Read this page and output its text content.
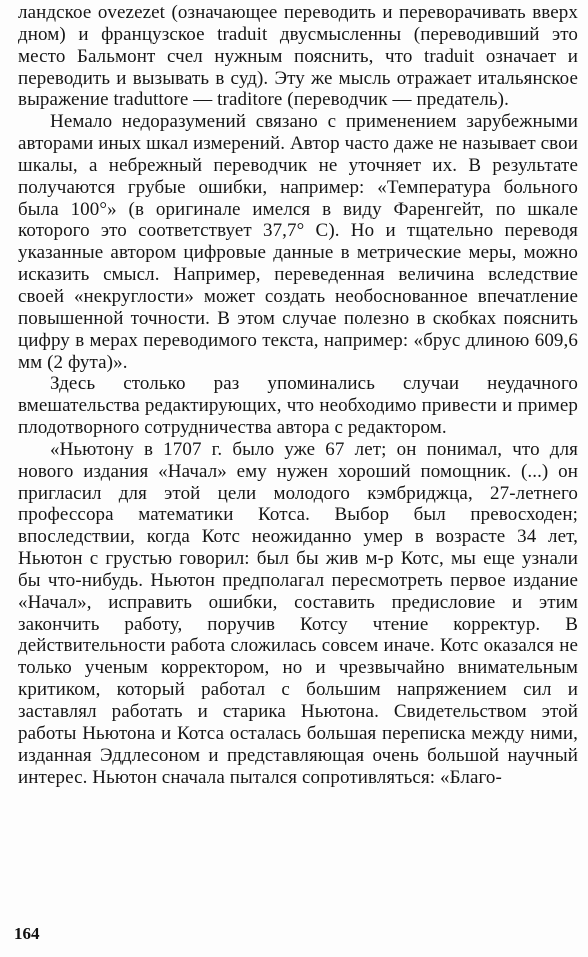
ландское ovezezet (означающее переводить и переворачивать вверх дном) и французское traduit двусмысленны (переводивший это место Бальмонт счел нужным пояснить, что traduit означает и переводить и вызывать в суд). Эту же мысль отражает итальянское выражение traduttore — traditore (переводчик — предатель).

Немало недоразумений связано с применением зарубежными авторами иных шкал измерений. Автор часто даже не называет свои шкалы, а небрежный переводчик не уточняет их. В результате получаются грубые ошибки, например: «Температура больного была 100°» (в оригинале имелся в виду Фаренгейт, по шкале которого это соответствует 37,7° С). Но и тщательно переводя указанные автором цифровые данные в метрические меры, можно исказить смысл. Например, переведенная величина вследствие своей «некруглости» может создать необоснованное впечатление повышенной точности. В этом случае полезно в скобках пояснить цифру в мерах переводимого текста, например: «брус длиною 609,6 мм (2 фута)».

Здесь столько раз упоминались случаи неудачного вмешательства редактирующих, что необходимо привести и пример плодотворного сотрудничества автора с редактором.

«Ньютону в 1707 г. было уже 67 лет; он понимал, что для нового издания «Начал» ему нужен хороший помощник. (...) он пригласил для этой цели молодого кэмбриджца, 27-летнего профессора математики Котса. Выбор был превосходен; впоследствии, когда Котс неожиданно умер в возрасте 34 лет, Ньютон с грустью говорил: был бы жив м-р Котс, мы еще узнали бы что-нибудь. Ньютон предполагал пересмотреть первое издание «Начал», исправить ошибки, составить предисловие и этим закончить работу, поручив Котсу чтение корректур. В действительности работа сложилась совсем иначе. Котс оказался не только ученым корректором, но и чрезвычайно внимательным критиком, который работал с большим напряжением сил и заставлял работать и старика Ньютона. Свидетельством этой работы Ньютона и Котса осталась большая переписка между ними, изданная Эддлесоном и представляющая очень большой научный интерес. Ньютон сначала пытался сопротивляться: «Благо-

164
